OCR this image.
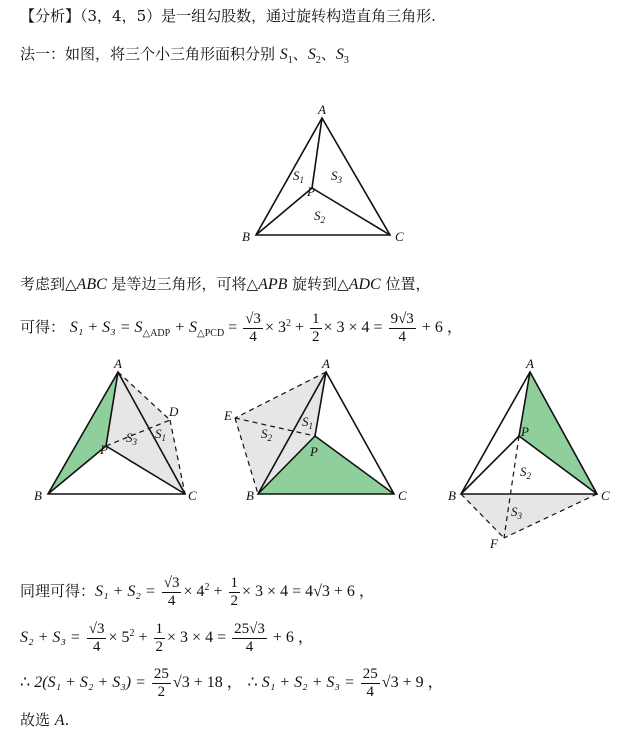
【分析】（3，4，5）是一组勾股数，通过旋转构造直角三角形.
法一：如图，将三个小三角形面积分别 $S_1$、$S_2$、$S_3$
A
B	C
P
$S_1$ $S_3$
$S_2$
考虑到△ABC 是等边三角形，可将△APB 旋转到△ADC 位置，
可得： $S_1 + S_3 = S_{\triangle ADP} + S_{\triangle PCD} = \frac{√3}{4} \times 3^2 + \frac{1}{2} \times 3 \times 4 = \frac{9√3}{4} + 6$ ，
A
B	C
D
P
$S_3$
$S_1$
A
B	C
E
P
$S_2$
$S_1$
A
B	C
F
P
$S_2$
$S_3$
同理可得：$S_1 + S_2 = \frac{√3}{4} \times 4^2 + \frac{1}{2} \times 3 \times 4 = 4√3 + 6$ ，
$S_2 + S_3 = \frac{√3}{4} \times 5^2 + \frac{1}{2} \times 3 \times 4 = \frac{25√3}{4} + 6$ ，
∴ $2(S_1 + S_2 + S_3) = \frac{25}{2} √3 + 18$ ， ∴ $S_1 + S_2 + S_3 = \frac{25}{4} √3 + 9$ ，
故选 A.
